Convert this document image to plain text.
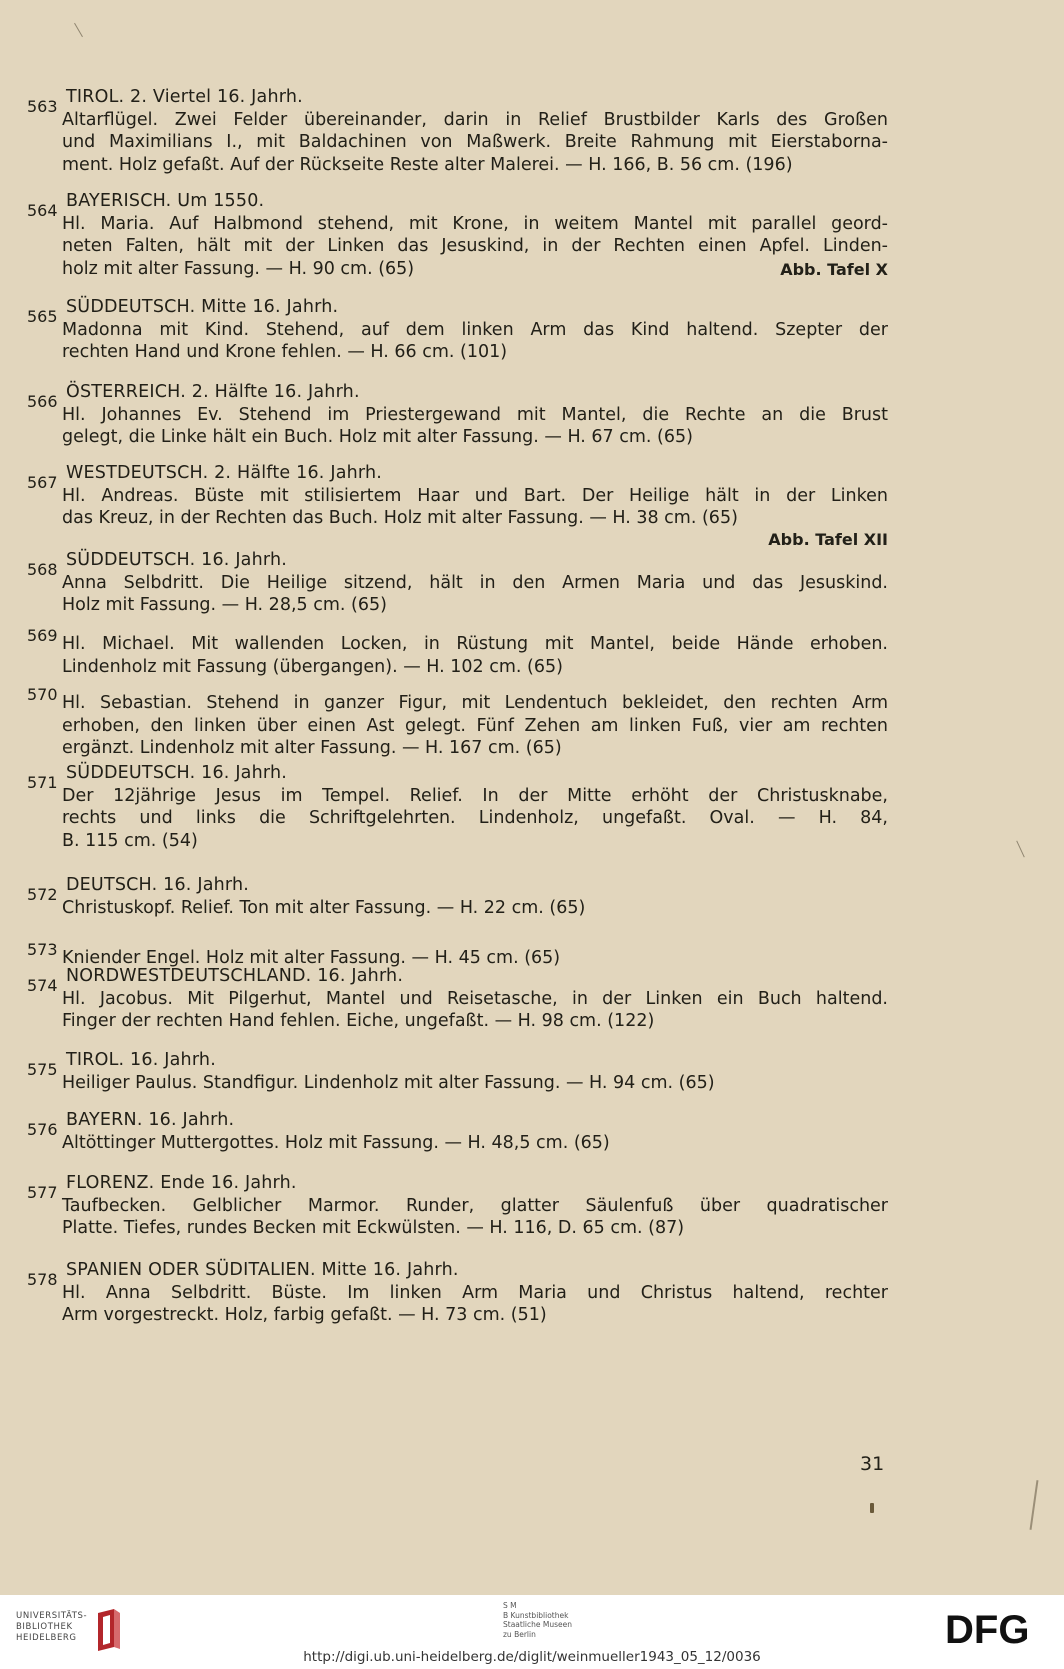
563 TIROL. 2. Viertel 16. Jahrh.
Altarflügel. Zwei Felder übereinander, darin in Relief Brustbilder Karls des Großen
und Maximilians I., mit Baldachinen von Maßwerk. Breite Rahmung mit Eierstaborna-
ment. Holz gefaßt. Auf der Rückseite Reste alter Malerei. — H. 166, B. 56 cm. (196)
564 BAYERISCH. Um 1550.
Hl. Maria. Auf Halbmond stehend, mit Krone, in weitem Mantel mit parallel geord-
neten Falten, hält mit der Linken das Jesuskind, in der Rechten einen Apfel. Linden-
holz mit alter Fassung. — H. 90 cm. (65)	Abb. Tafel X
565 SÜDDEUTSCH. Mitte 16. Jahrh.
Madonna mit Kind. Stehend, auf dem linken Arm das Kind haltend. Szepter der
rechten Hand und Krone fehlen. — H. 66 cm. (101)
566 ÖSTERREICH. 2. Hälfte 16. Jahrh.
Hl. Johannes Ev. Stehend im Priestergewand mit Mantel, die Rechte an die Brust
gelegt, die Linke hält ein Buch. Holz mit alter Fassung. — H. 67 cm. (65)
567 WESTDEUTSCH. 2. Hälfte 16. Jahrh.
Hl. Andreas. Büste mit stilisiertem Haar und Bart. Der Heilige hält in der Linken
das Kreuz, in der Rechten das Buch. Holz mit alter Fassung. — H. 38 cm. (65)
Abb. Tafel XII
568 SÜDDEUTSCH. 16. Jahrh.
Anna Selbdritt. Die Heilige sitzend, hält in den Armen Maria und das Jesuskind.
Holz mit Fassung. — H. 28,5 cm. (65)
569 Hl. Michael. Mit wallenden Locken, in Rüstung mit Mantel, beide Hände erhoben.
Lindenholz mit Fassung (übergangen). — H. 102 cm. (65)
570 Hl. Sebastian. Stehend in ganzer Figur, mit Lendentuch bekleidet, den rechten Arm
erhoben, den linken über einen Ast gelegt. Fünf Zehen am linken Fuß, vier am rechten
ergänzt. Lindenholz mit alter Fassung. — H. 167 cm. (65)
571 SÜDDEUTSCH. 16. Jahrh.
Der 12jährige Jesus im Tempel. Relief. In der Mitte erhöht der Christusknabe,
rechts und links die Schriftgelehrten. Lindenholz, ungefaßt. Oval. — H. 84,
B. 115 cm. (54)
572 DEUTSCH. 16. Jahrh.
Christuskopf. Relief. Ton mit alter Fassung. — H. 22 cm. (65)
573 Kniender Engel. Holz mit alter Fassung. — H. 45 cm. (65)
574 NORDWESTDEUTSCHLAND. 16. Jahrh.
Hl. Jacobus. Mit Pilgerhut, Mantel und Reisetasche, in der Linken ein Buch haltend.
Finger der rechten Hand fehlen. Eiche, ungefaßt. — H. 98 cm. (122)
575 TIROL. 16. Jahrh.
Heiliger Paulus. Standfigur. Lindenholz mit alter Fassung. — H. 94 cm. (65)
576 BAYERN. 16. Jahrh.
Altöttinger Muttergottes. Holz mit Fassung. — H. 48,5 cm. (65)
577 FLORENZ. Ende 16. Jahrh.
Taufbecken. Gelblicher Marmor. Runder, glatter Säulenfuß über quadratischer
Platte. Tiefes, rundes Becken mit Eckwülsten. — H. 116, D. 65 cm. (87)
578 SPANIEN ODER SÜDITALIEN. Mitte 16. Jahrh.
Hl. Anna Selbdritt. Büste. Im linken Arm Maria und Christus haltend, rechter
Arm vorgestreckt. Holz, farbig gefaßt. — H. 73 cm. (51)
31
UNIVERSITÄTS-
BIBLIOTHEK
HEIDELBERG
S M
B Kunstbibliothek
Staatliche Museen
zu Berlin	DFG
http://digi.ub.uni-heidelberg.de/diglit/weinmueller1943_05_12/0036
